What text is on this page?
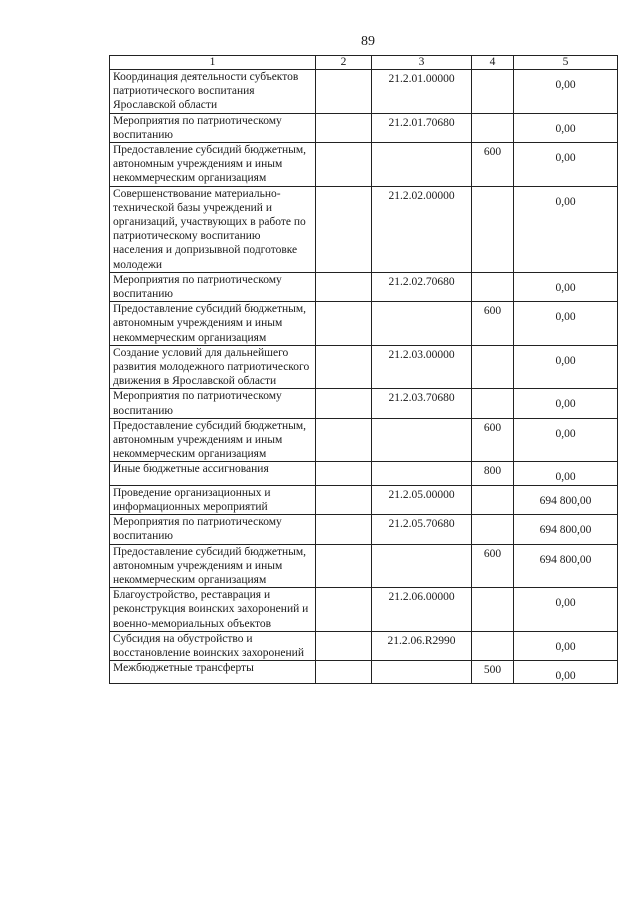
89
1	2	3	4	5
Координация деятельности субъектов патриотического воспитания Ярославской области		21.2.01.00000		0,00
Мероприятия по патриотическому воспитанию		21.2.01.70680		0,00
Предоставление субсидий бюджетным, автономным учреждениям и иным некоммерческим организациям			600	0,00
Совершенствование материально-технической базы учреждений и организаций, участвующих в работе по патриотическому воспитанию населения и допризывной подготовке молодежи		21.2.02.00000		0,00
Мероприятия по патриотическому воспитанию		21.2.02.70680		0,00
Предоставление субсидий бюджетным, автономным учреждениям и иным некоммерческим организациям			600	0,00
Создание условий для дальнейшего развития молодежного патриотического движения в Ярославской области		21.2.03.00000		0,00
Мероприятия по патриотическому воспитанию		21.2.03.70680		0,00
Предоставление субсидий бюджетным, автономным учреждениям и иным некоммерческим организациям			600	0,00
Иные бюджетные ассигнования			800	0,00
Проведение организационных и информационных мероприятий		21.2.05.00000		694 800,00
Мероприятия по патриотическому воспитанию		21.2.05.70680		694 800,00
Предоставление субсидий бюджетным, автономным учреждениям и иным некоммерческим организациям			600	694 800,00
Благоустройство, реставрация и реконструкция воинских захоронений и военно-мемориальных объектов		21.2.06.00000		0,00
Субсидия на обустройство и восстановление воинских захоронений		21.2.06.R2990		0,00
Межбюджетные трансферты			500	0,00
